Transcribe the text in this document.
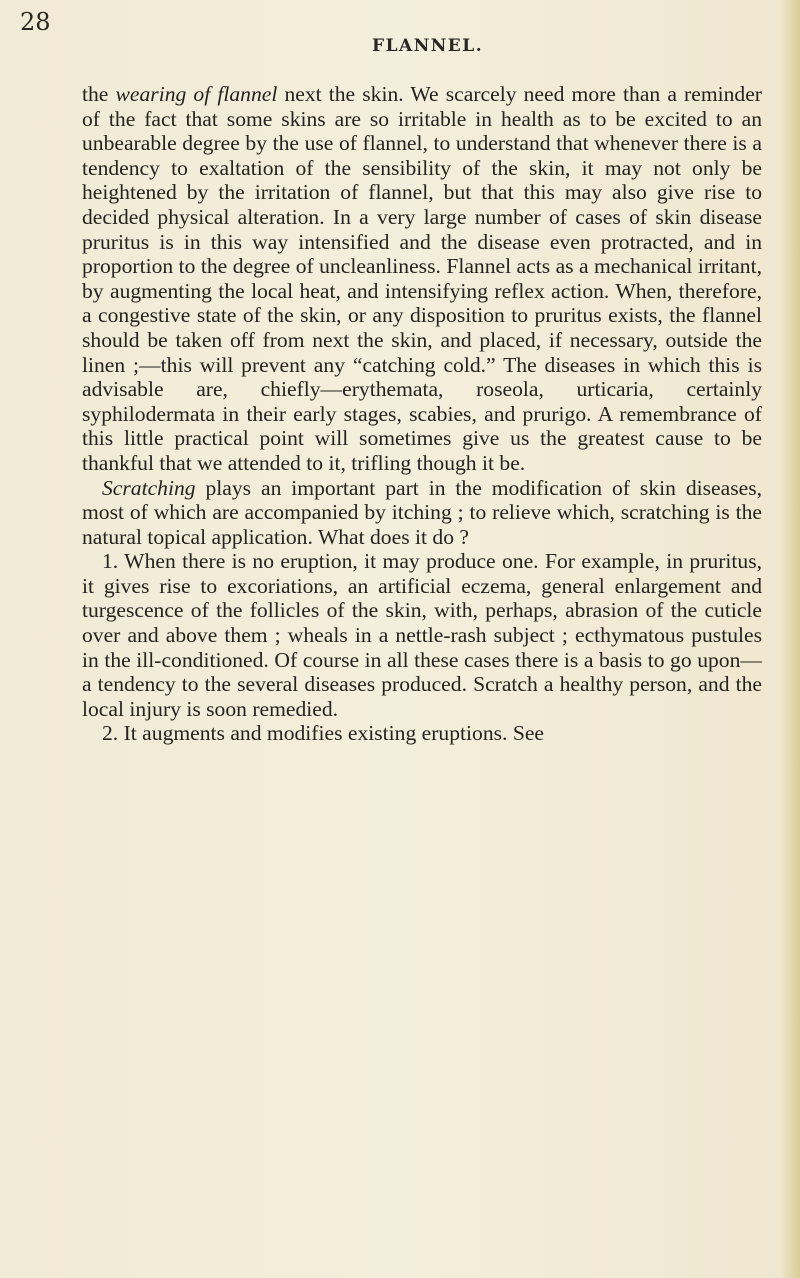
28
FLANNEL.

the wearing of flannel next the skin. We scarcely need more than a reminder of the fact that some skins are so irritable in health as to be excited to an unbearable degree by the use of flannel, to understand that whenever there is a tendency to exaltation of the sensibility of the skin, it may not only be heightened by the irritation of flannel, but that this may also give rise to decided physical alteration. In a very large number of cases of skin disease pruritus is in this way intensified and the disease even protracted, and in proportion to the degree of uncleanliness. Flannel acts as a mechanical irritant, by augmenting the local heat, and intensifying reflex action. When, therefore, a congestive state of the skin, or any disposition to pruritus exists, the flannel should be taken off from next the skin, and placed, if necessary, outside the linen ;—this will prevent any “catching cold.” The diseases in which this is advisable are, chiefly—erythemata, roseola, urticaria, certainly syphilodermata in their early stages, scabies, and prurigo. A remembrance of this little practical point will sometimes give us the greatest cause to be thankful that we attended to it, trifling though it be.

Scratching plays an important part in the modification of skin diseases, most of which are accompanied by itching ; to relieve which, scratching is the natural topical application. What does it do ?

1. When there is no eruption, it may produce one. For example, in pruritus, it gives rise to excoriations, an artificial eczema, general enlargement and turgescence of the follicles of the skin, with, perhaps, abrasion of the cuticle over and above them ; wheals in a nettle-rash subject ; ecthymatous pustules in the ill-conditioned. Of course in all these cases there is a basis to go upon—a tendency to the several diseases produced. Scratch a healthy person, and the local injury is soon remedied.

2. It augments and modifies existing eruptions. See
